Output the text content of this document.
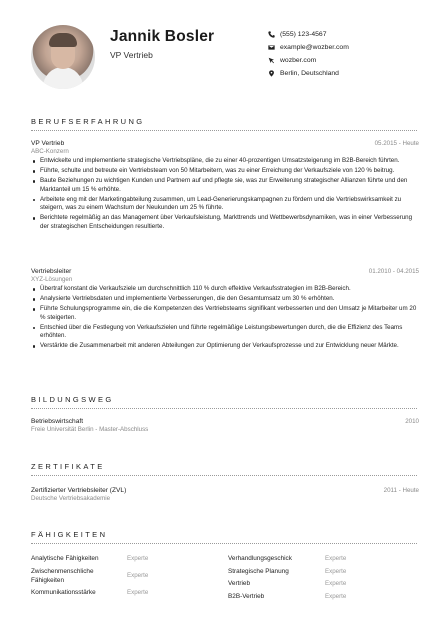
Jannik Bosler
VP Vertrieb
(555) 123-4567
example@wozber.com
wozber.com
Berlin, Deutschland
BERUFSERFAHRUNG
VP Vertrieb	05.2015 - Heute
ABC-Konzern
Entwickelte und implementierte strategische Vertriebspläne, die zu einer 40-prozentigen Umsatzsteigerung im B2B-Bereich führten.
Führte, schulte und betreute ein Vertriebsteam von 50 Mitarbeitern, was zu einer Erreichung der Verkaufsziele von 120 % beitrug.
Baute Beziehungen zu wichtigen Kunden und Partnern auf und pflegte sie, was zur Erweiterung strategischer Allianzen führte und den Marktanteil um 15 % erhöhte.
Arbeitete eng mit der Marketingabteilung zusammen, um Lead-Generierungskampagnen zu fördern und die Vertriebswirksamkeit zu steigern, was zu einem Wachstum der Neukunden um 25 % führte.
Berichtete regelmäßig an das Management über Verkaufsleistung, Markttrends und Wettbewerbsdynamiken, was in einer Verbesserung der strategischen Entscheidungen resultierte.
Vertriebsleiter	01.2010 - 04.2015
XYZ-Lösungen
Übertraf konstant die Verkaufsziele um durchschnittlich 110 % durch effektive Verkaufsstrategien im B2B-Bereich.
Analysierte Vertriebsdaten und implementierte Verbesserungen, die den Gesamtumsatz um 30 % erhöhten.
Führte Schulungsprogramme ein, die die Kompetenzen des Vertriebsteams signifikant verbesserten und den Umsatz je Mitarbeiter um 20 % steigerten.
Entschied über die Festlegung von Verkaufszielen und führte regelmäßige Leistungsbewertungen durch, die die Effizienz des Teams erhöhten.
Verstärkte die Zusammenarbeit mit anderen Abteilungen zur Optimierung der Verkaufsprozesse und zur Entwicklung neuer Märkte.
BILDUNGSWEG
Betriebswirtschaft	2010
Freie Universität Berlin - Master-Abschluss
ZERTIFIKATE
Zertifizierter Vertriebsleiter (ZVL)	2011 - Heute
Deutsche Vertriebsakademie
FÄHIGKEITEN
Analytische Fähigkeiten	Experte
Zwischenmenschliche Fähigkeiten
Experte
Kommunikationsstärke	Experte
Verhandlungsgeschick	Experte
Strategische Planung	Experte
Vertrieb	Experte
B2B-Vertrieb	Experte
